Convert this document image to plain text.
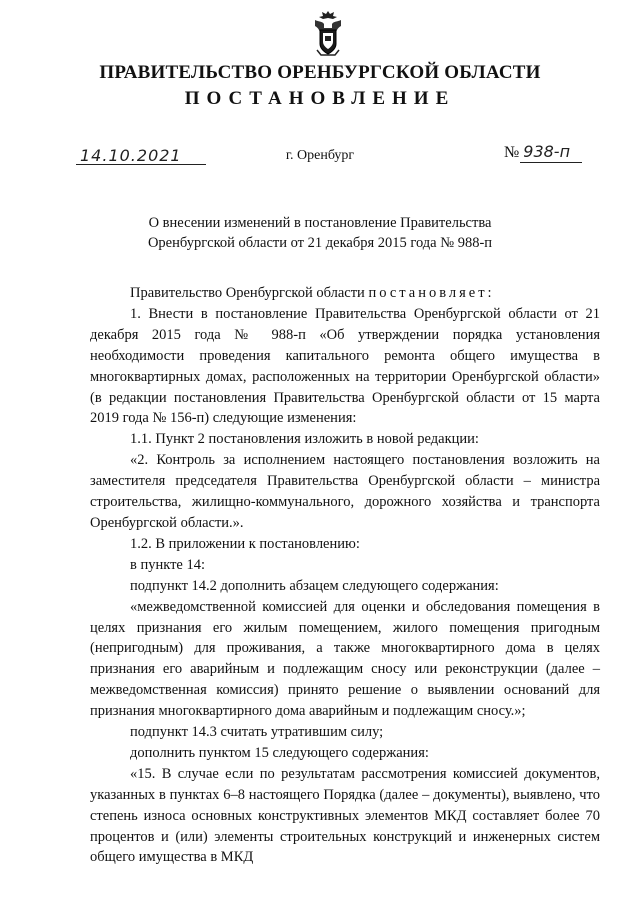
ПРАВИТЕЛЬСТВО ОРЕНБУРГСКОЙ ОБЛАСТИ
ПОСТАНОВЛЕНИЕ
14.10.2021	г. Оренбург	№ 938-п
О внесении изменений в постановление Правительства
Оренбургской области от 21 декабря 2015 года № 988-п

Правительство Оренбургской области постановляет:

1. Внести в постановление Правительства Оренбургской области от 21 декабря 2015 года № 988-п «Об утверждении порядка установления необходимости проведения капитального ремонта общего имущества в многоквартирных домах, расположенных на территории Оренбургской области» (в редакции постановления Правительства Оренбургской области от 15 марта 2019 года № 156-п) следующие изменения:

1.1. Пункт 2 постановления изложить в новой редакции:

«2. Контроль за исполнением настоящего постановления возложить на заместителя председателя Правительства Оренбургской области – министра строительства, жилищно-коммунального, дорожного хозяйства и транспорта Оренбургской области.».

1.2. В приложении к постановлению:

в пункте 14:

подпункт 14.2 дополнить абзацем следующего содержания:

«межведомственной комиссией для оценки и обследования помещения в целях признания его жилым помещением, жилого помещения пригодным (непригодным) для проживания, а также многоквартирного дома в целях признания его аварийным и подлежащим сносу или реконструкции (далее – межведомственная комиссия) принято решение о выявлении оснований для признания многоквартирного дома аварийным и подлежащим сносу.»;

подпункт 14.3 считать утратившим силу;

дополнить пунктом 15 следующего содержания:

«15. В случае если по результатам рассмотрения комиссией документов, указанных в пунктах 6–8 настоящего Порядка (далее – документы), выявлено, что степень износа основных конструктивных элементов МКД составляет более 70 процентов и (или) элементы строительных конструкций и инженерных систем общего имущества в МКД
